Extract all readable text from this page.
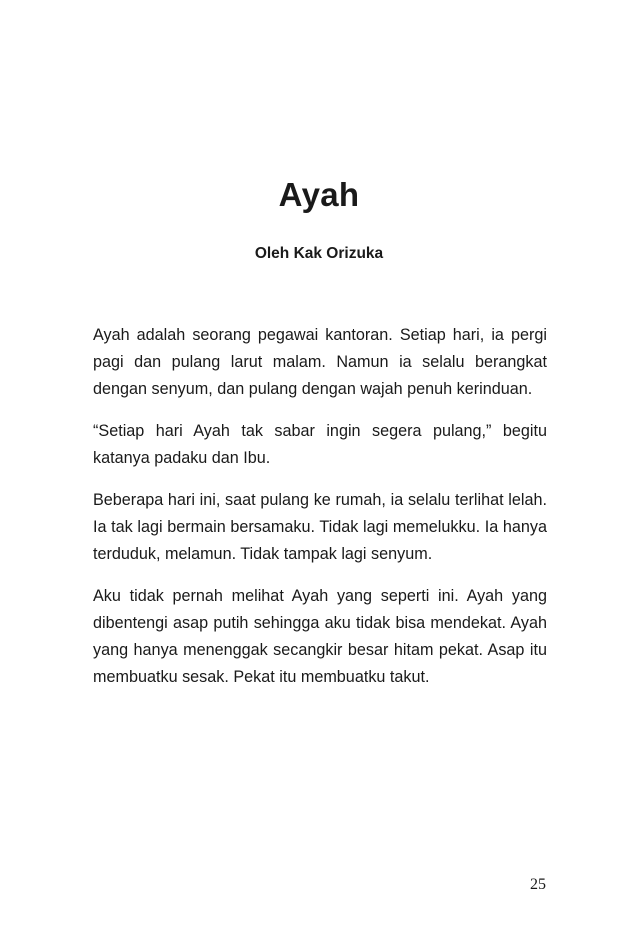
Ayah
Oleh Kak Orizuka

Ayah adalah seorang pegawai kantoran. Setiap hari, ia pergi pagi dan pulang larut malam. Namun ia selalu berangkat dengan senyum, dan pulang dengan wajah penuh kerinduan.

“Setiap hari Ayah tak sabar ingin segera pulang,” begitu katanya padaku dan Ibu.

Beberapa hari ini, saat pulang ke rumah, ia selalu terlihat lelah. Ia tak lagi bermain bersamaku. Tidak lagi memelukku. Ia hanya terduduk, melamun. Tidak tampak lagi senyum.

Aku tidak pernah melihat Ayah yang seperti ini. Ayah yang dibentengi asap putih sehingga aku tidak bisa mendekat. Ayah yang hanya menenggak secangkir besar hitam pekat. Asap itu membuatku sesak. Pekat itu membuatku takut.

25
